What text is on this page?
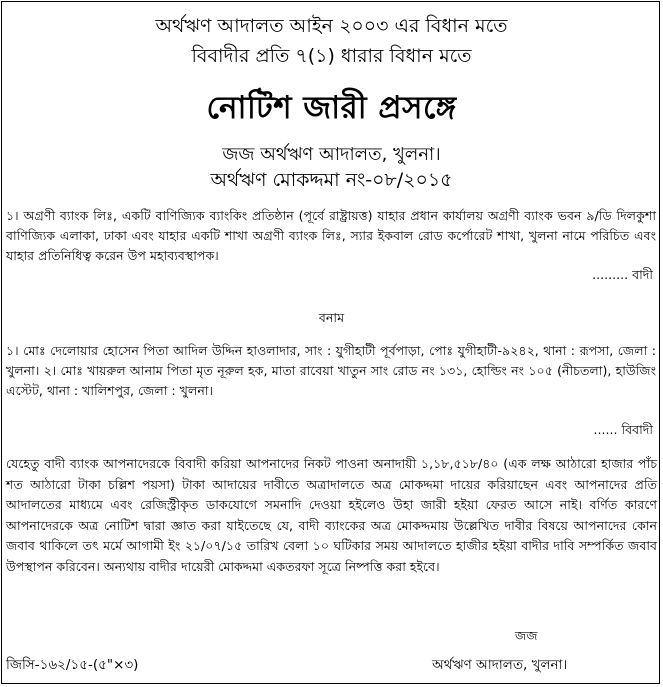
অর্থঋণ আদালত আইন ২০০৩ এর বিধান মতে
বিবাদীর প্রতি ৭(১) ধারার বিধান মতে
নোটিশ জারী প্রসঙ্গে
জজ অর্থঋণ আদালত, খুলনা।
অর্থঋণ মোকদ্দমা নং-০৮/২০১৫
১। অগ্রণী ব্যাংক লিঃ, একটি বাণিজ্যিক ব্যাংকিং প্রতিষ্ঠান (পূর্বে রাষ্ট্রায়ত্ত) যাহার প্রধান কার্যালয় অগ্রণী ব্যাংক ভবন ৯/ডি দিলকুশা বাণিজ্যিক এলাকা, ঢাকা এবং যাহার একটি শাখা অগ্রণী ব্যাংক লিঃ, স্যার ইকবাল রোড কর্পোরেট শাখা, খুলনা নামে পরিচিত এবং যাহার প্রতিনিধিত্ব করেন উপ মহাব্যবস্থাপক।
......... বাদী
বনাম
১। মোঃ দেলোয়ার হোসেন পিতা আদিল উদ্দিন হাওলাদার, সাং : যুগীহাটী পূর্বপাড়া, পোঃ যুগীহাটী-৯২৪২, থানা : রূপসা, জেলা : খুলনা। ২। মোঃ খায়রুল আনাম পিতা মৃত নূরুল হক, মাতা রাবেয়া খাতুন সাং রোড নং ১৩১, হোল্ডিং নং ১০৫ (নীচতলা), হাউজিং এস্টেট, থানা : খালিশপুর, জেলা : খুলনা।
...... বিবাদী
যেহেতু বাদী ব্যাংক আপনাদেরকে বিবাদী করিয়া আপনাদের নিকট পাওনা অনাদায়ী ১,১৮,৫১৮/৪০ (এক লক্ষ আঠারো হাজার পাঁচ শত আঠারো টাকা চল্লিশ পয়সা) টাকা আদায়ের দাবীতে অত্রাদালতে অত্র মোকদ্দমা দায়ের করিয়াছেন এবং আপনাদের প্রতি আদালতের মাধ্যমে এবং রেজিস্ট্রীকৃত ডাকযোগে সমনাদি দেওয়া হইলেও উহা জারী হইয়া ফেরত আসে নাই। বর্ণিত কারণে আপনাদেরকে অত্র নোটিশ দ্বারা জ্ঞাত করা যাইতেছে যে, বাদী ব্যাংকের অত্র মোকদ্দমায় উল্লেখিত দাবীর বিষয়ে আপনাদের কোন জবাব থাকিলে তৎ মর্মে আগামী ইং ২১/০৭/১৫ তারিখ বেলা ১০ ঘটিকার সময় আদালতে হাজীর হইয়া বাদীর দাবি সম্পর্কিত জবাব উপস্থাপন করিবেন। অন্যথায় বাদীর দায়েরী মোকদ্দমা একতরফা সূত্রে নিষ্পত্তি করা হইবে।
জজ
অর্থঋণ আদালত, খুলনা।
জিসি-১৬২/১৫-(৫"×৩)
